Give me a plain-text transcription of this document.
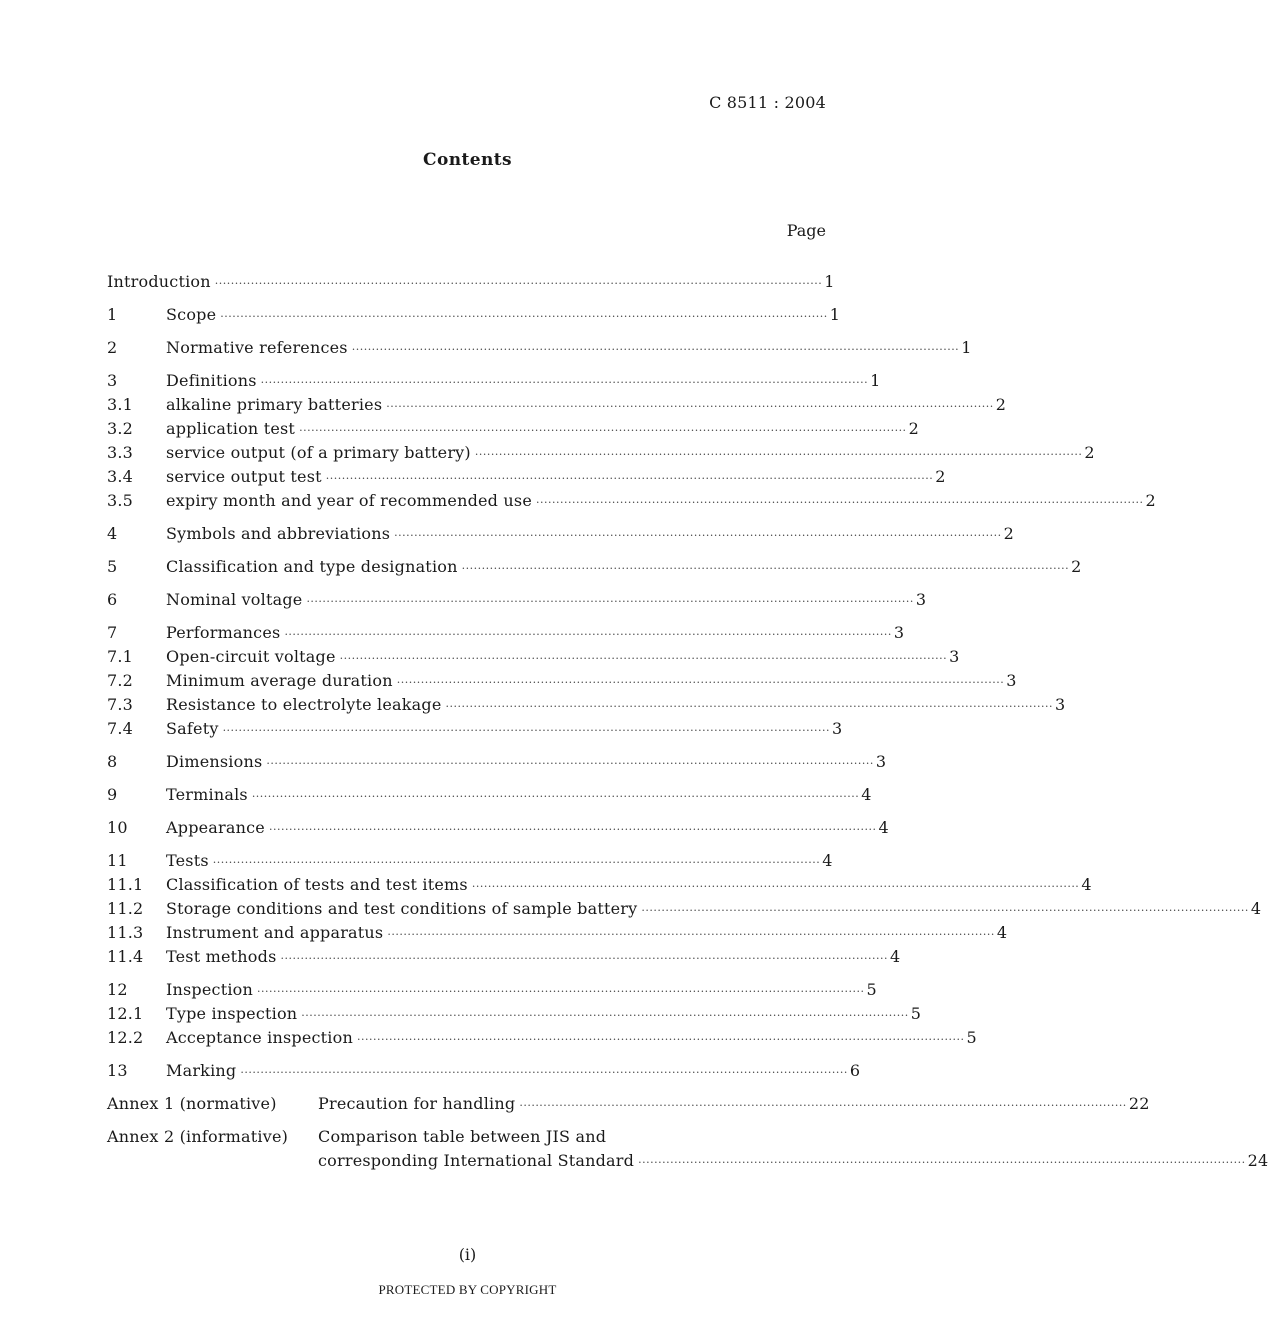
C 8511 : 2004
Contents
Page
Introduction ·····	1
1	Scope ·····	1
2	Normative references ·····	1
3	Definitions ·····	1
3.1	alkaline primary batteries ·····	2
3.2	application test ·····	2
3.3	service output (of a primary battery) ·····	2
3.4	service output test ·····	2
3.5	expiry month and year of recommended use ·····	2
4	Symbols and abbreviations ·····	2
5	Classification and type designation ·····	2
6	Nominal voltage ·····	3
7	Performances ·····	3
7.1	Open-circuit voltage ·····	3
7.2	Minimum average duration ·····	3
7.3	Resistance to electrolyte leakage ·····	3
7.4	Safety ·····	3
8	Dimensions ·····	3
9	Terminals ·····	4
10	Appearance ·····	4
11	Tests ·····	4
11.1	Classification of tests and test items ·····	4
11.2	Storage conditions and test conditions of sample battery ·····	4
11.3	Instrument and apparatus ·····	4
11.4	Test methods ·····	4
12	Inspection ·····	5
12.1	Type inspection ·····	5
12.2	Acceptance inspection ·····	5
13	Marking ·····	6
Annex 1 (normative)	Precaution for handling ·····	22
Annex 2 (informative)	Comparison table between JIS and
corresponding International Standard ·····	24
(i)
PROTECTED BY COPYRIGHT
